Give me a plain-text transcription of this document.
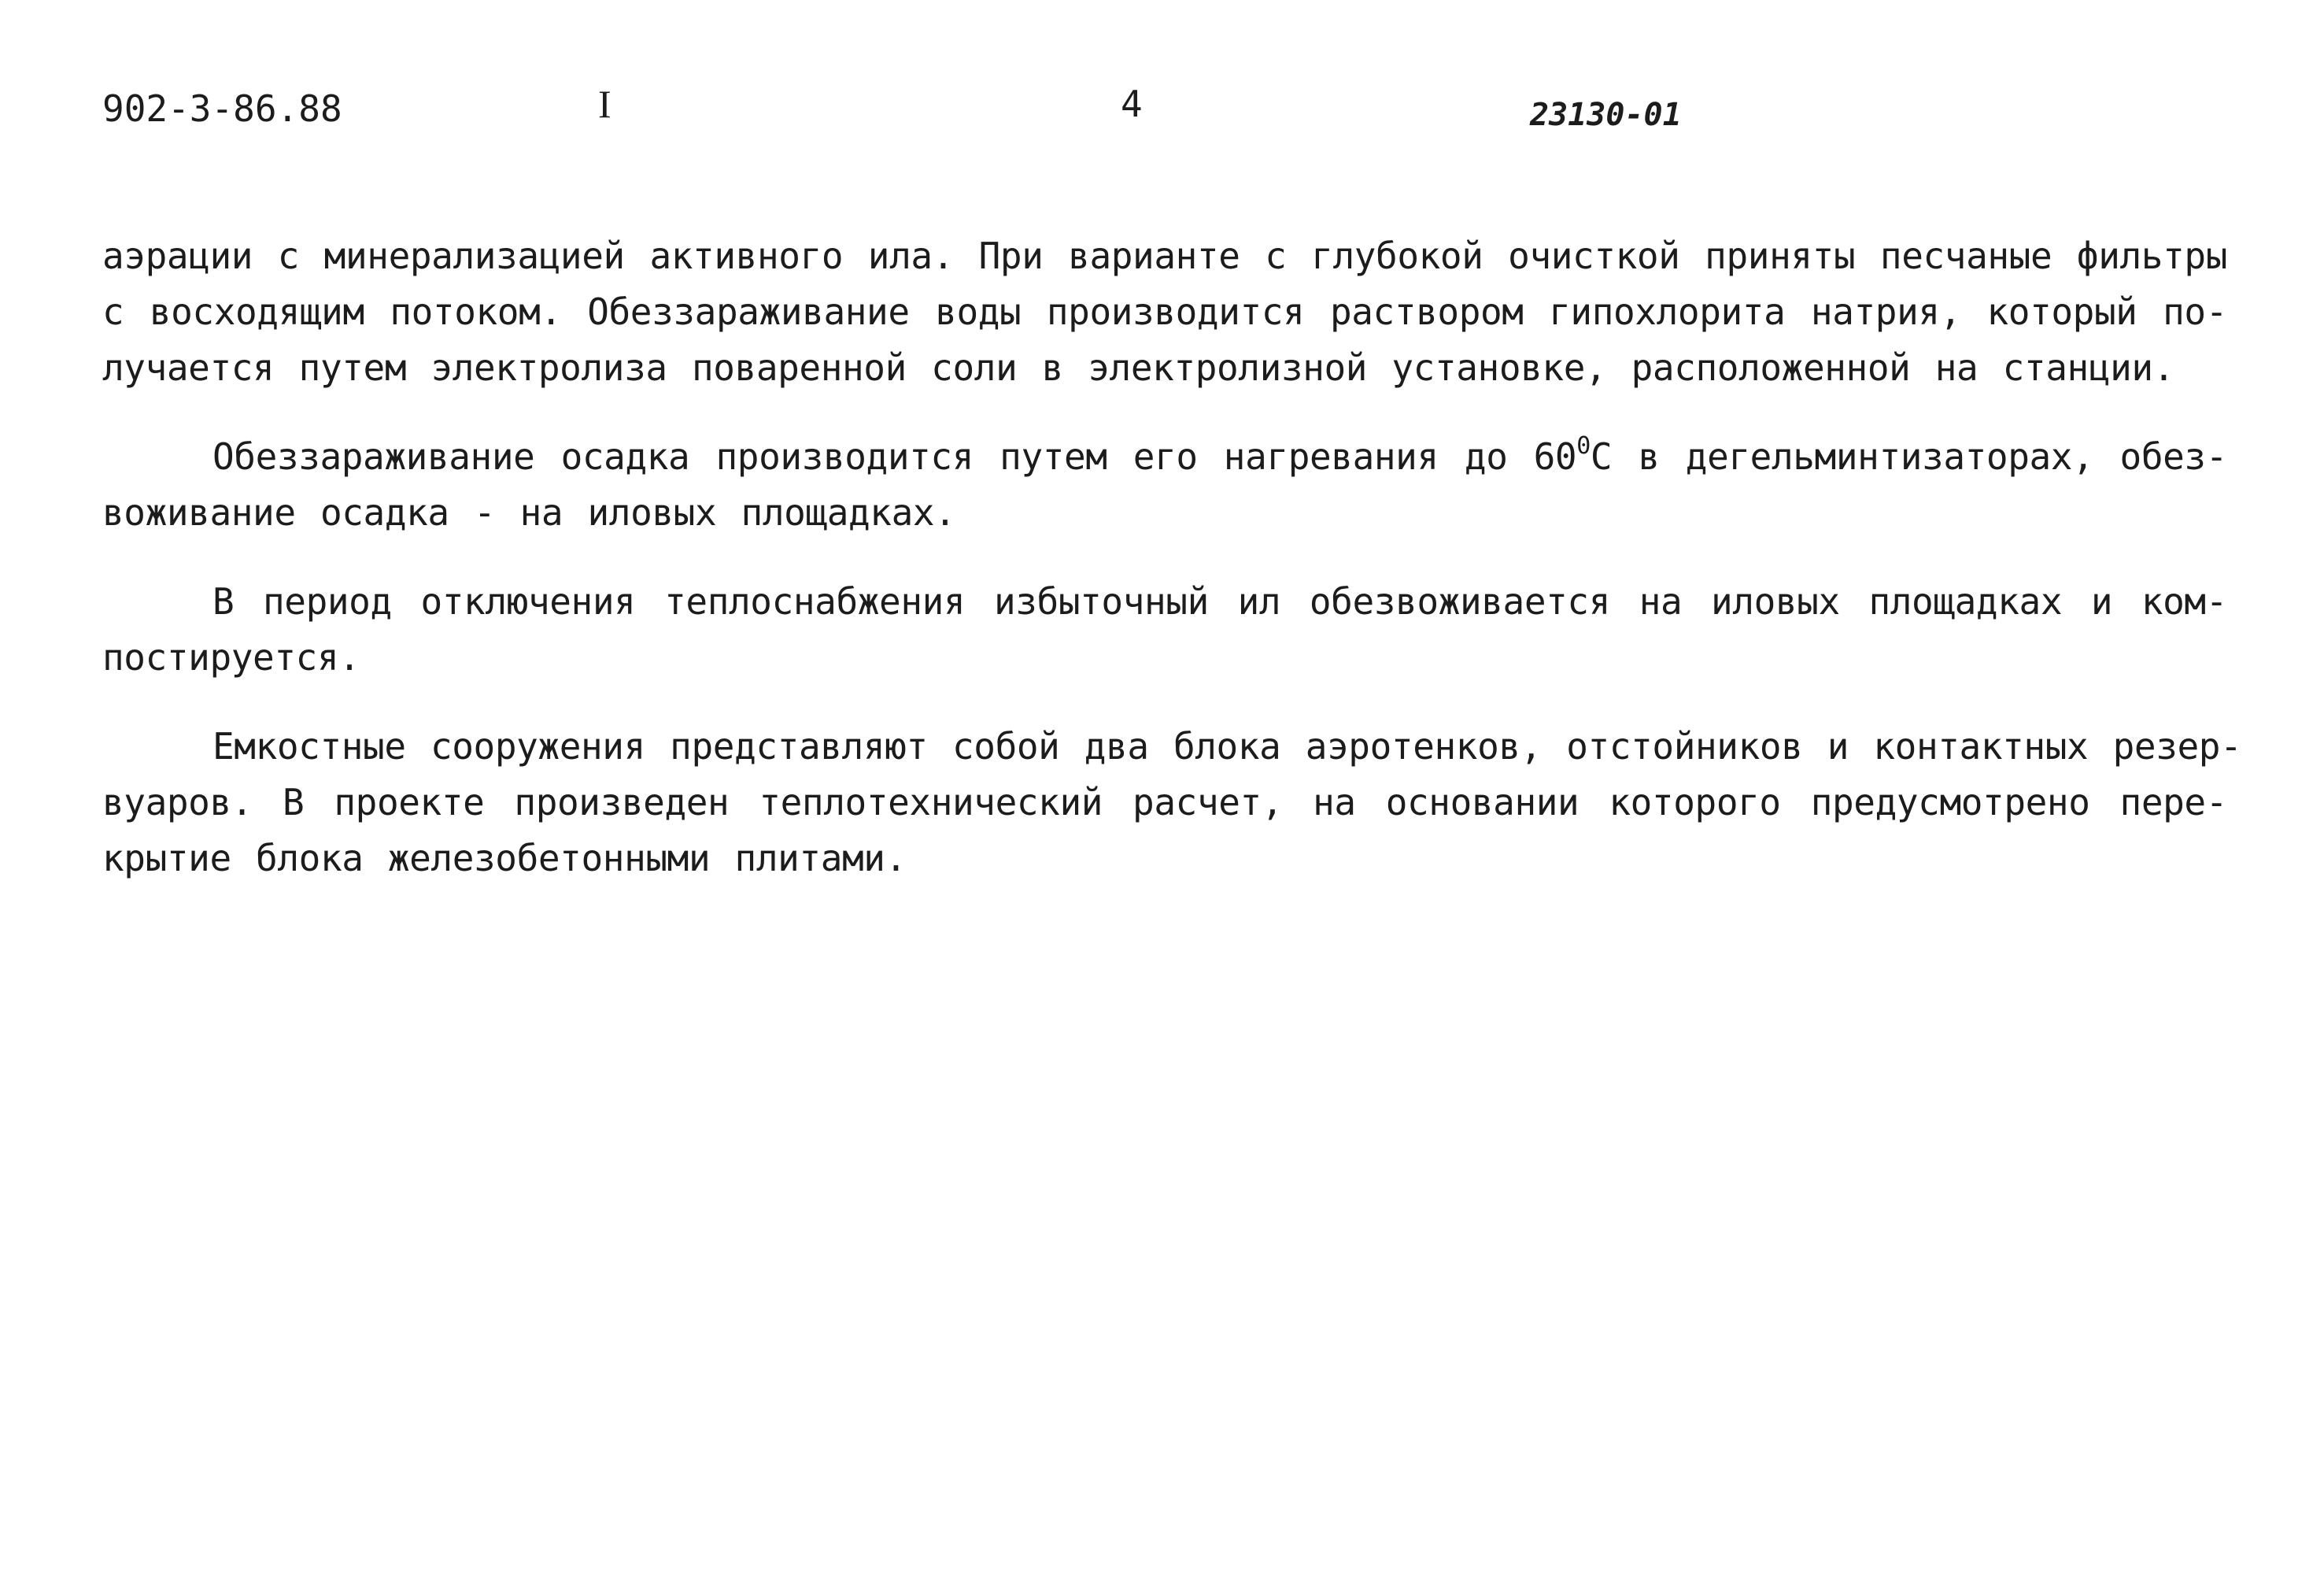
902-3-86.88	I	4	23130-01

аэрации с минерализацией активного ила. При варианте с глубокой очисткой приняты песчаные фильтры
с восходящим потоком. Обеззараживание воды производится раствором гипохлорита натрия, который по-
лучается путем электролиза поваренной соли в электролизной установке, расположенной на станции.

Обеззараживание осадка производится путем его нагревания до $60^0С$ в дегельминтизаторах, обез-
воживание осадка - на иловых площадках.

В период отключения теплоснабжения избыточный ил обезвоживается на иловых площадках и ком-
постируется.

Емкостные сооружения представляют собой два блока аэротенков, отстойников и контактных резер-
вуаров. В проекте произведен теплотехнический расчет, на основании которого предусмотрено пере-
крытие блока железобетонными плитами.
